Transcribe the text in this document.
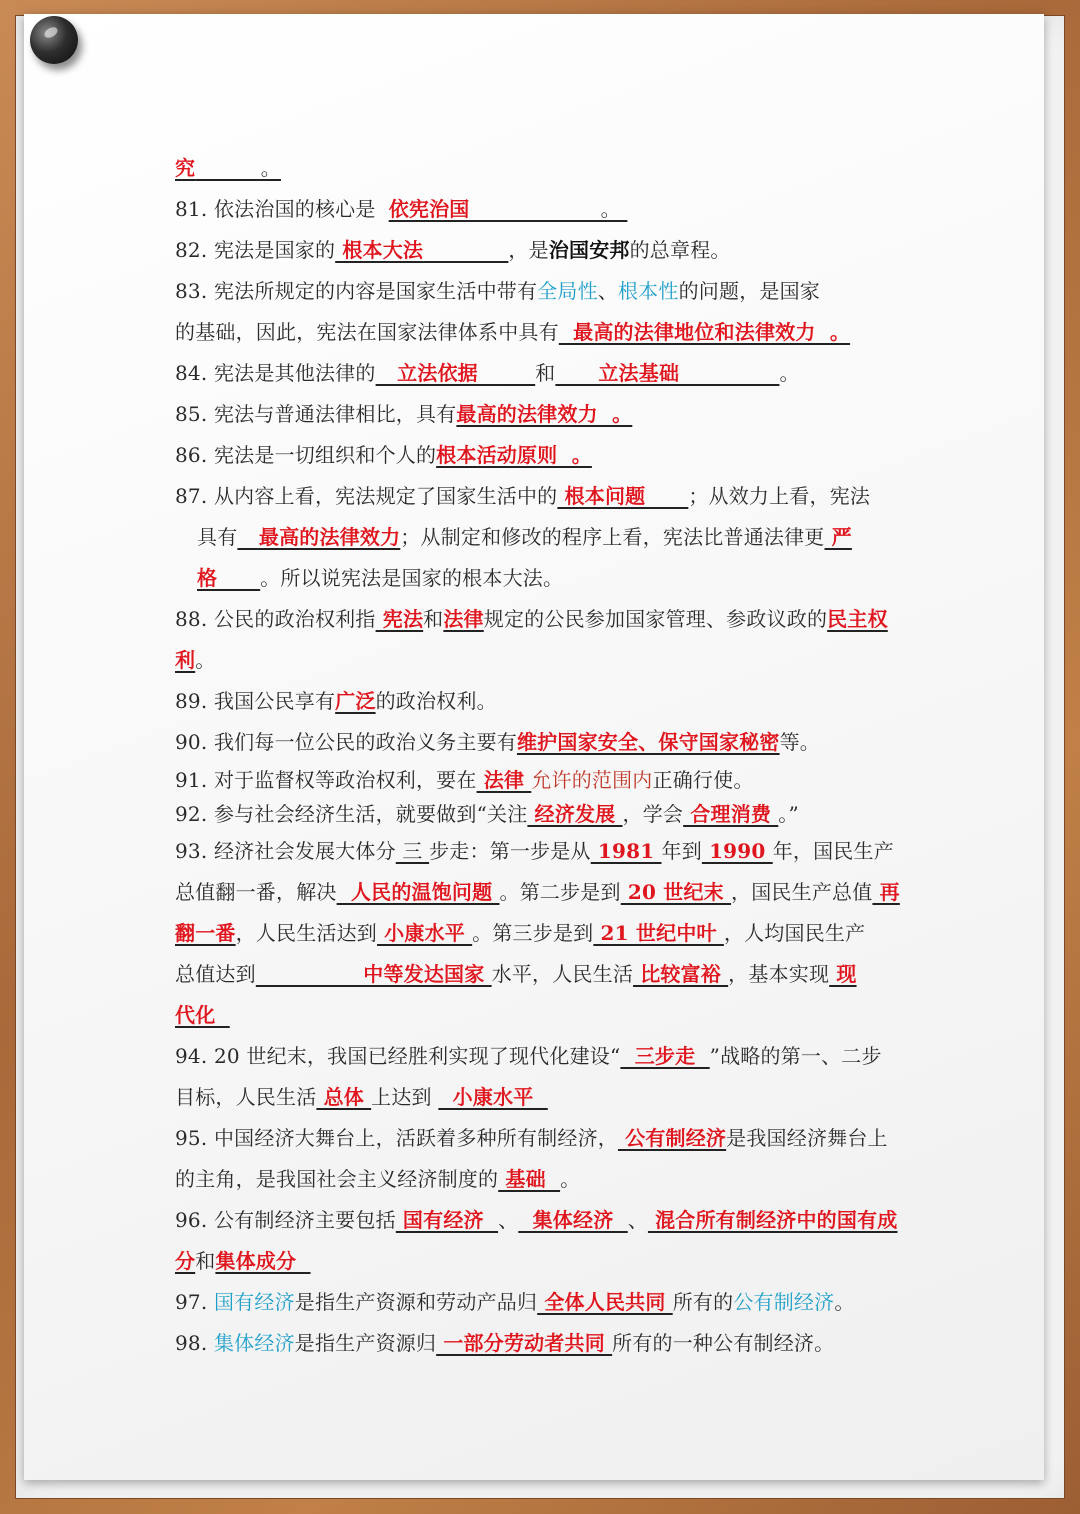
究          。
81. 依法治国的核心是  依宪治国                    。
82. 宪法是国家的 根本大法	，是治国安邦的总章程。
83. 宪法所规定的内容是国家生活中带有全局性、根本性的问题，是国家
的基础，因此，宪法在国家法律体系中具有  最高的法律地位和法律效力  。
84. 宪法是其他法律的   立法依据        和      立法基础              。
85. 宪法与普通法律相比，具有最高的法律效力  。
86. 宪法是一切组织和个人的根本活动原则  。
87. 从内容上看，宪法规定了国家生活中的 根本问题      ；从效力上看，宪法
具有   最高的法律效力；从制定和修改的程序上看，宪法比普通法律更 严
格      。所以说宪法是国家的根本大法。
88. 公民的政治权利指 宪法和法律规定的公民参加国家管理、参政议政的民主权
利。
89. 我国公民享有广泛的政治权利。
90. 我们每一位公民的政治义务主要有维护国家安全、保守国家秘密等。
91. 对于监督权等政治权利，要在 法律 允许的范围内正确行使。
92. 参与社会经济生活，就要做到“关注 经济发展 ，学会 合理消费 。”
93. 经济社会发展大体分 三 步走：第一步是从 1981 年到 1990 年，国民生产
总值翻一番，解决  人民的温饱问题 。第二步是到 20 世纪末 ，国民生产总值 再
翻一番，人民生活达到 小康水平 。第三步是到 21 世纪中叶 ，人均国民生产
总值达到               中等发达国家 水平，人民生活 比较富裕 ，基本实现 现
代化
94. 20 世纪末，我国已经胜利实现了现代化建设“  三步走  ”战略的第一、二步
目标，人民生活 总体 上达到   小康水平
95. 中国经济大舞台上，活跃着多种所有制经济， 公有制经济是我国经济舞台上
的主角，是我国社会主义经济制度的 基础  。
96. 公有制经济主要包括 国有经济  、  集体经济  、 混合所有制经济中的国有成
分和集体成分
97. 国有经济是指生产资源和劳动产品归 全体人民共同 所有的公有制经济。
98. 集体经济是指生产资源归 一部分劳动者共同 所有的一种公有制经济。
